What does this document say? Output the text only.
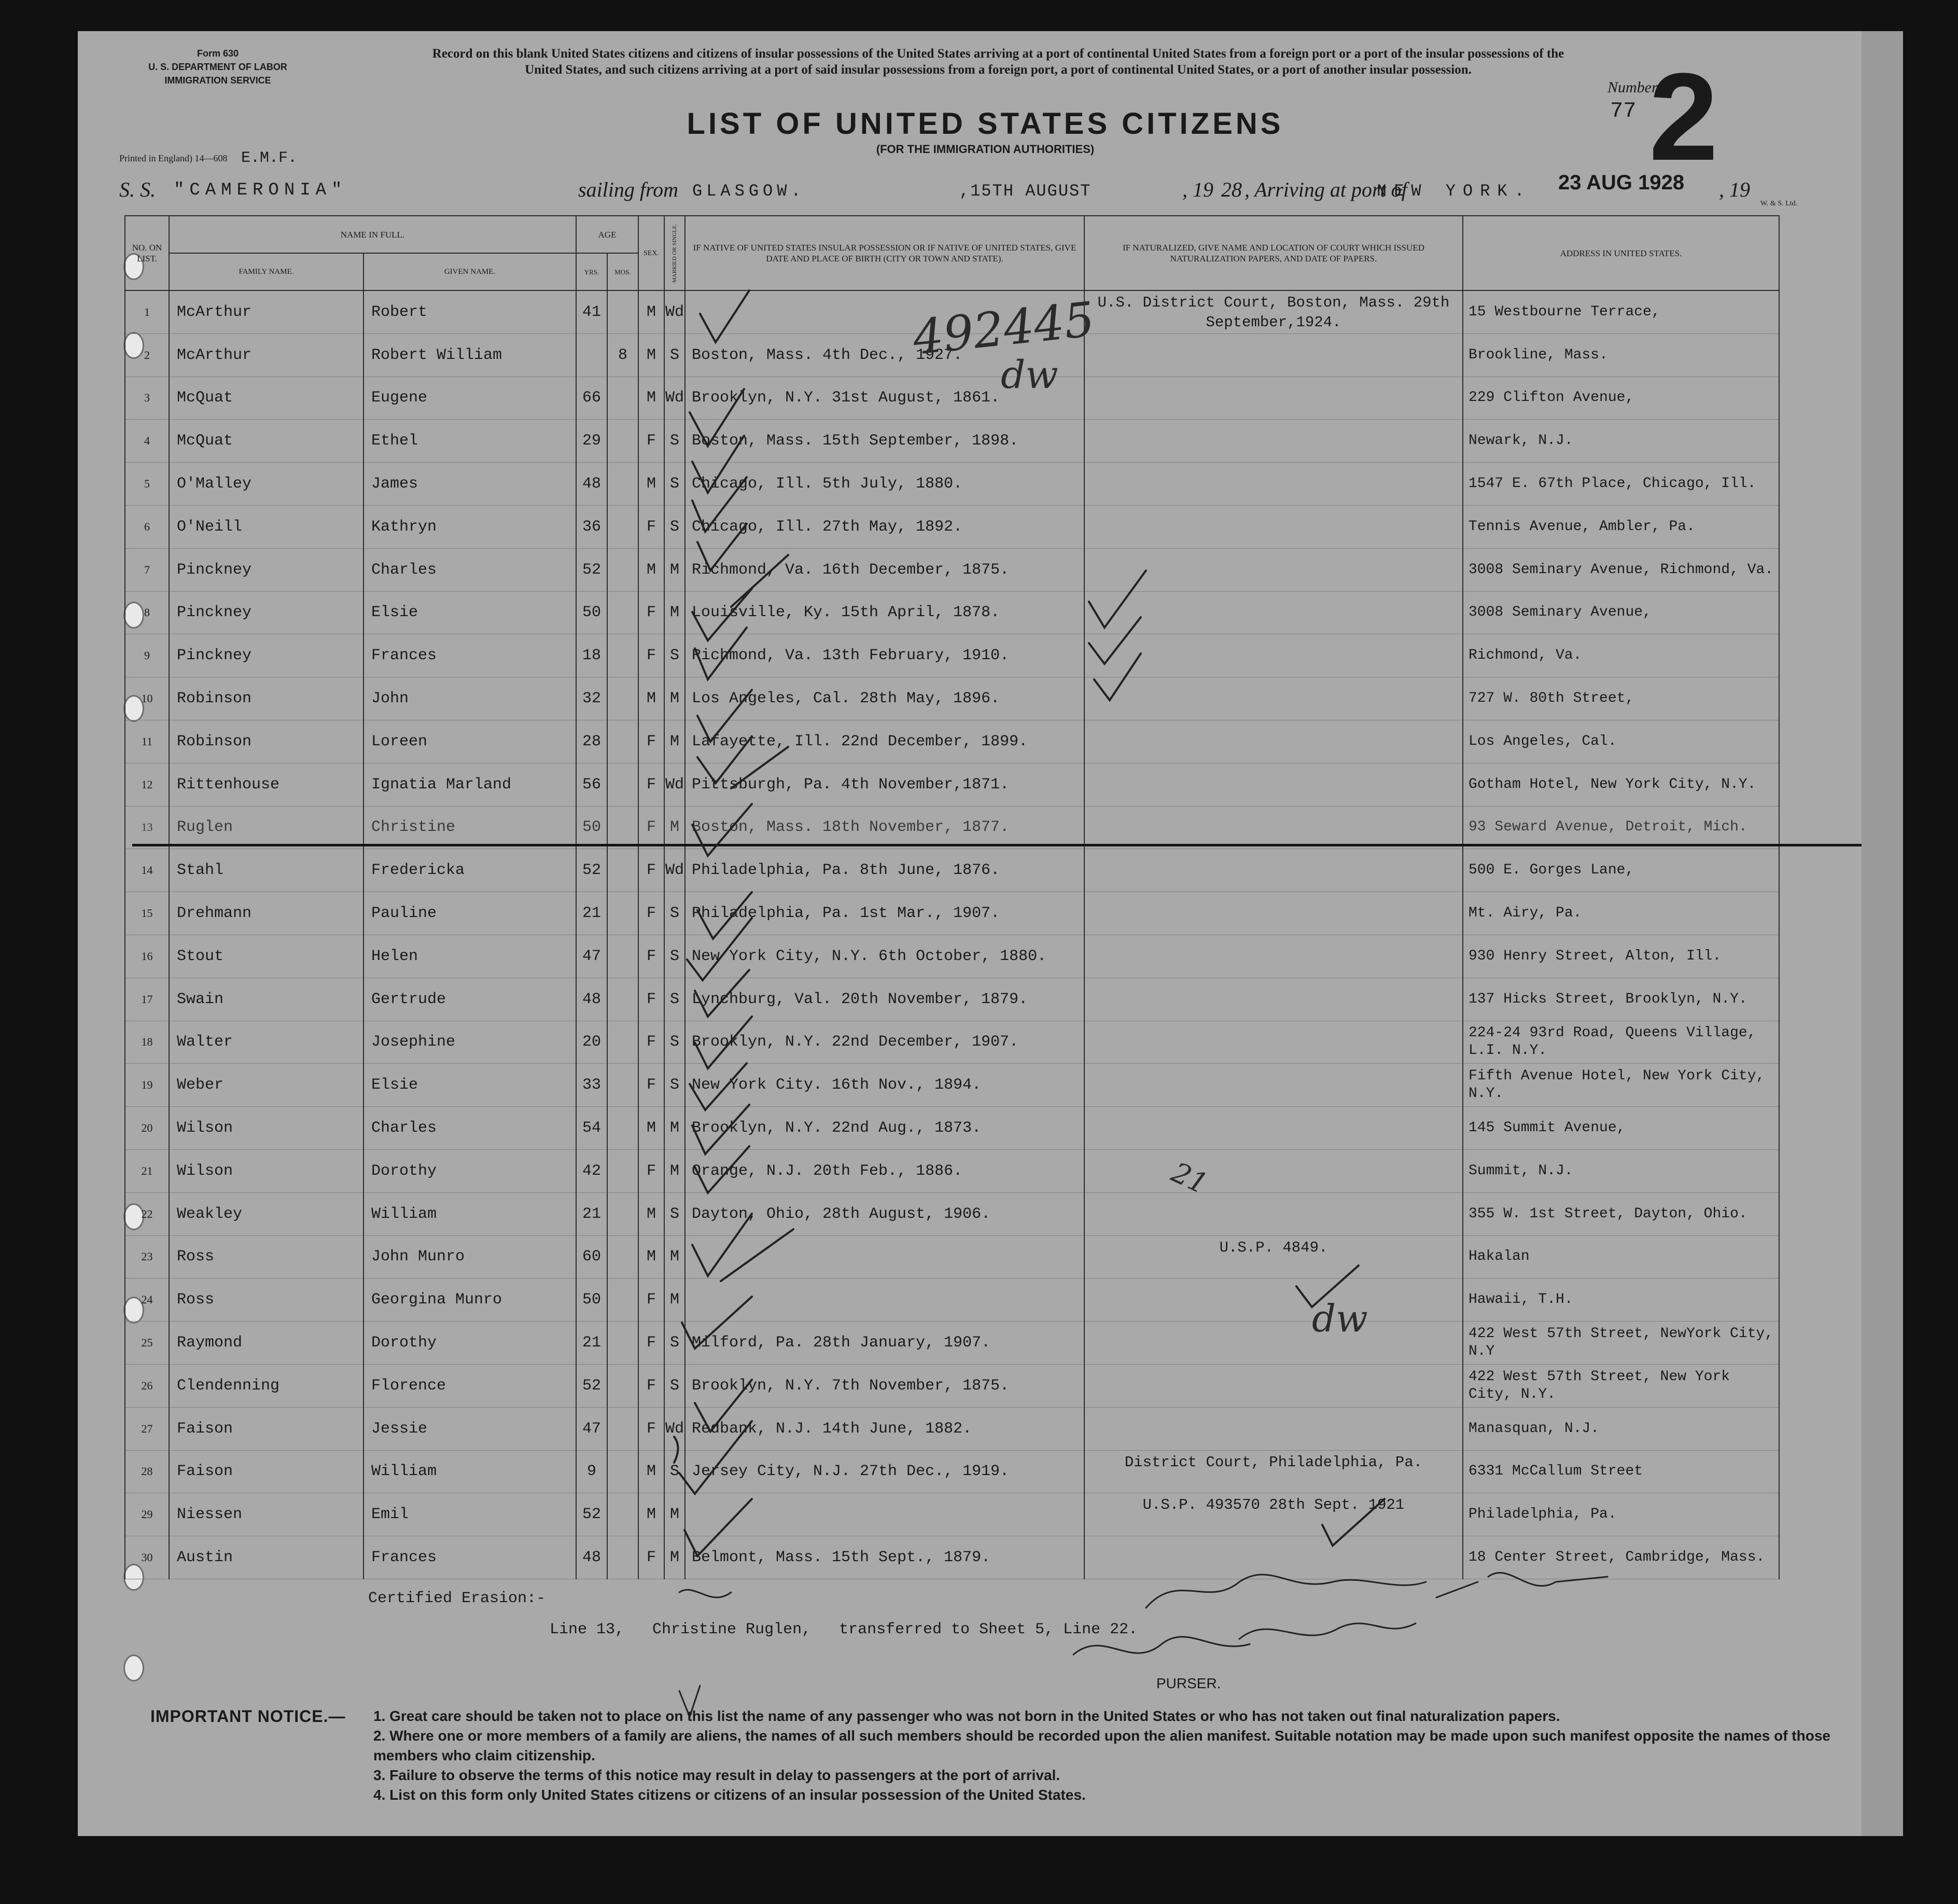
Form 630
U. S. DEPARTMENT OF LABOR
IMMIGRATION SERVICE
Record on this blank United States citizens and citizens of insular possessions of the United States arriving at a port of continental United States from a foreign port or a port of the insular possessions of the United States, and such citizens arriving at a port of said insular possessions from a foreign port, a port of continental United States, or a port of another insular possession.
Number
77 2
LIST OF UNITED STATES CITIZENS
(FOR THE IMMIGRATION AUTHORITIES)
Printed in England) 14—608 E.M.F.
S. S. "CAMERONIA"	sailing from GLASGOW.	,15TH AUGUST	, 19 28 , Arriving at port of
NEW YORK. 23 AUG 1928 , 19
W. & S. Ltd.
NO. ON LIST.	NAME IN FULL.		AGE		SEX.	MARRIED OR SINGLE.	IF NATIVE OF UNITED STATES INSULAR POSSESSION OR IF NATIVE OF UNITED STATES, GIVE DATE AND PLACE OF BIRTH (CITY OR TOWN AND STATE).	IF NATURALIZED, GIVE NAME AND LOCATION OF COURT WHICH ISSUED NATURALIZATION PAPERS, AND DATE OF PAPERS.	ADDRESS IN UNITED STATES.
	FAMILY NAME.	GIVEN NAME.	YRS.	MOS.					
1	McArthur	Robert	41		M	Wd		U.S. District Court, Boston, Mass. 29th September,1924.	15 Westbourne Terrace,
2	McArthur	Robert William		8	M	S	Boston, Mass. 4th Dec., 1927.		Brookline, Mass.
3	McQuat	Eugene	66		M	Wd	Brooklyn, N.Y. 31st August, 1861.		229 Clifton Avenue,
4	McQuat	Ethel	29		F	S	Boston, Mass. 15th September, 1898.		Newark, N.J.
5	O'Malley	James	48		M	S	Chicago, Ill. 5th July, 1880.		1547 E. 67th Place, Chicago, Ill.
6	O'Neill	Kathryn	36		F	S	Chicago, Ill. 27th May, 1892.		Tennis Avenue, Ambler, Pa.
7	Pinckney	Charles	52		M	M	Richmond, Va. 16th December, 1875.		3008 Seminary Avenue, Richmond, Va.
8	Pinckney	Elsie	50		F	M	Louisville, Ky. 15th April, 1878.		3008 Seminary Avenue,
9	Pinckney	Frances	18		F	S	Richmond, Va. 13th February, 1910.		Richmond, Va.
10	Robinson	John	32		M	M	Los Angeles, Cal. 28th May, 1896.		727 W. 80th Street,
11	Robinson	Loreen	28		F	M	Lafayette, Ill. 22nd December, 1899.		Los Angeles, Cal.
12	Rittenhouse	Ignatia Marland	56		F	Wd	Pittsburgh, Pa. 4th November,1871.		Gotham Hotel, New York City, N.Y.
13	Ruglen	Christine	50		F	M	Boston, Mass. 18th November, 1877.		93 Seward Avenue, Detroit, Mich.
14	Stahl	Fredericka	52		F	Wd	Philadelphia, Pa. 8th June, 1876.		500 E. Gorges Lane,
15	Drehmann	Pauline	21		F	S	Philadelphia, Pa. 1st Mar., 1907.		Mt. Airy, Pa.
16	Stout	Helen	47		F	S	New York City, N.Y. 6th October, 1880.		930 Henry Street, Alton, Ill.
17	Swain	Gertrude	48		F	S	Lynchburg, Val. 20th November, 1879.		137 Hicks Street, Brooklyn, N.Y.
18	Walter	Josephine	20		F	S	Brooklyn, N.Y. 22nd December, 1907.		224-24 93rd Road, Queens Village, L.I. N.Y.
19	Weber	Elsie	33		F	S	New York City. 16th Nov., 1894.		Fifth Avenue Hotel, New York City, N.Y.
20	Wilson	Charles	54		M	M	Brooklyn, N.Y. 22nd Aug., 1873.		145 Summit Avenue,
21	Wilson	Dorothy	42		F	M	Orange, N.J. 20th Feb., 1886.		Summit, N.J.
22	Weakley	William	21		M	S	Dayton, Ohio, 28th August, 1906.		355 W. 1st Street, Dayton, Ohio.
23	Ross	John Munro	60		M	M		U.S.P. 4849.	Hakalan
24	Ross	Georgina Munro	50		F	M			Hawaii, T.H.
25	Raymond	Dorothy	21		F	S	Milford, Pa. 28th January, 1907.		422 West 57th Street, NewYork City, N.Y
26	Clendenning	Florence	52		F	S	Brooklyn, N.Y. 7th November, 1875.		422 West 57th Street, New York City, N.Y.
27	Faison	Jessie	47		F	Wd	Redbank, N.J. 14th June, 1882.		Manasquan, N.J.
28	Faison	William	9		M	S	Jersey City, N.J. 27th Dec., 1919.	District Court, Philadelphia, Pa.	6331 McCallum Street
29	Niessen	Emil	52		M	M		U.S.P. 493570 28th Sept. 1921	Philadelphia, Pa.
30	Austin	Frances	48		F	M	Belmont, Mass. 15th Sept., 1879.		18 Center Street, Cambridge, Mass.
492445
dw
dw
21
Certified Erasion:-
Line 13,   Christine Ruglen,   transferred to Sheet 5, Line 22.
PURSER.
IMPORTANT NOTICE.— 1. Great care should be taken not to place on this list the name of any passenger who was not born in the United States or who has not taken out final naturalization papers.
2. Where one or more members of a family are aliens, the names of all such members should be recorded upon the alien manifest. Suitable notation may be made upon such manifest opposite the names of those members who claim citizenship.
3. Failure to observe the terms of this notice may result in delay to passengers at the port of arrival.
4. List on this form only United States citizens or citizens of an insular possession of the United States.
